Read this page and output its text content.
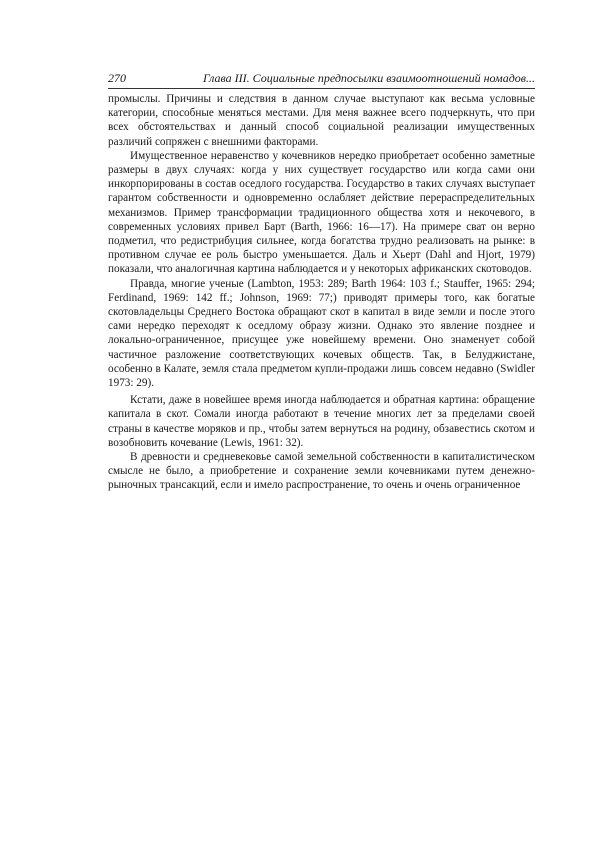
270	Глава III. Социальные предпосылки взаимоотношений номадов...

промыслы. Причины и следствия в данном случае выступают как весьма условные категории, способные меняться местами. Для меня важнее всего подчеркнуть, что при всех обстоятельствах и данный способ социальной реализации имущественных различий сопряжен с внешними факторами.

Имущественное неравенство у кочевников нередко приобретает особенно заметные размеры в двух случаях: когда у них существует государство или когда сами они инкорпорированы в состав оседлого государства. Государство в таких случаях выступает гарантом собственности и одновременно ослабляет действие перераспределительных механизмов. Пример трансформации традиционного общества хотя и некочевого, в современных условиях привел Барт (Barth, 1966: 16—17). На примере сват он верно подметил, что редистрибуция сильнее, когда богатства трудно реализовать на рынке: в противном случае ее роль быстро уменьшается. Даль и Хьерт (Dahl and Hjort, 1979) показали, что аналогичная картина наблюдается и у некоторых африканских скотоводов.

Правда, многие ученые (Lambton, 1953: 289; Barth 1964: 103 f.; Stauffer, 1965: 294; Ferdinand, 1969: 142 ff.; Johnson, 1969: 77;) приводят примеры того, как богатые скотовладельцы Среднего Востока обращают скот в капитал в виде земли и после этого сами нередко переходят к оседлому образу жизни. Однако это явление позднее и локально-ограниченное, присущее уже новейшему времени. Оно знаменует собой частичное разложение соответствующих кочевых обществ. Так, в Белуджистане, особенно в Калате, земля стала предметом купли-продажи лишь совсем недавно (Swidler 1973: 29).

Кстати, даже в новейшее время иногда наблюдается и обратная картина: обращение капитала в скот. Сомали иногда работают в течение многих лет за пределами своей страны в качестве моряков и пр., чтобы затем вернуться на родину, обзавестись скотом и возобновить кочевание (Lewis, 1961: 32).

В древности и средневековье самой земельной собственности в капиталистическом смысле не было, а приобретение и сохранение земли кочевниками путем денежно-рыночных трансакций, если и имело распространение, то очень и очень ограниченное
